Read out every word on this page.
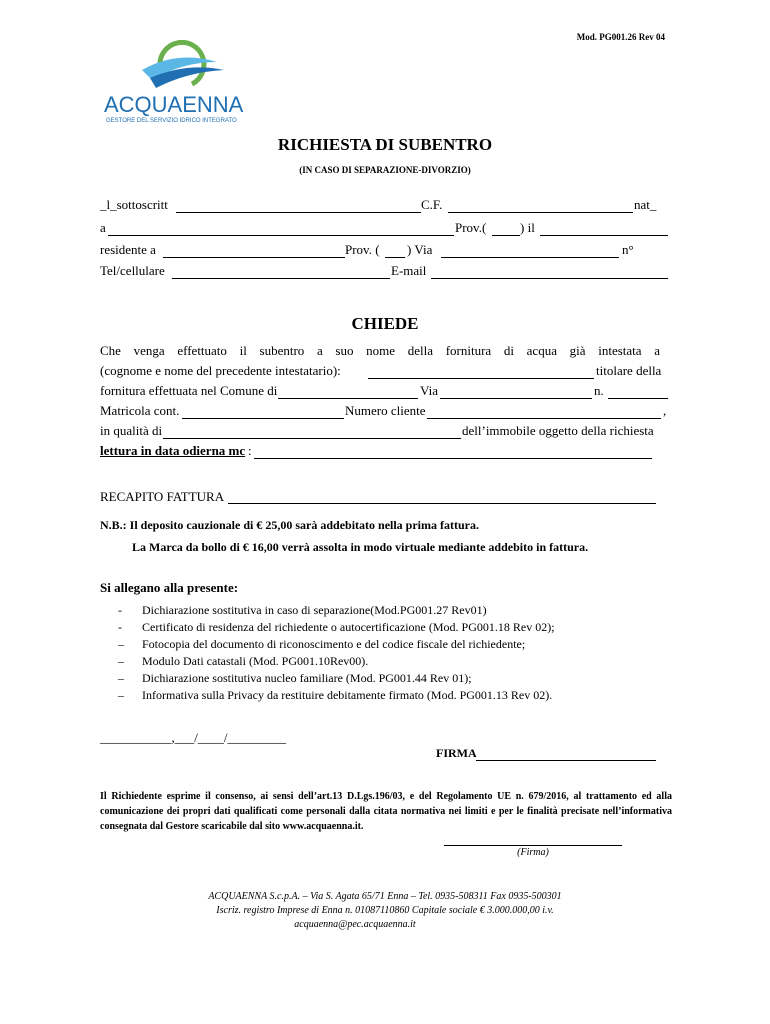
Mod. PG001.26 Rev 04
ACQUAENNA
GESTORE DEL SERVIZIO IDRICO INTEGRATO
RICHIESTA DI SUBENTRO
(IN CASO DI SEPARAZIONE-DIVORZIO)
_l_sottoscritt	C.F.	nat_
a	Prov.(	) il
residente a	Prov. ( ) Via	n°
Tel/cellulare	E-mail
CHIEDE
Che venga effettuato il subentro a suo nome della fornitura di acqua già intestata a
(cognome e nome del precedente intestatario):	titolare della
fornitura effettuata nel Comune di	Via	n.
Matricola cont.	Numero cliente	,
in qualità di	dell’immobile oggetto della richiesta
lettura in data odierna mc :
RECAPITO FATTURA
N.B.: Il deposito cauzionale di € 25,00 sarà addebitato nella prima fattura.
La Marca da bollo di € 16,00 verrà assolta in modo virtuale mediante addebito in fattura.
Si allegano alla presente:
- Dichiarazione sostitutiva in caso di separazione(Mod.PG001.27 Rev01)
- Certificato di residenza del richiedente o autocertificazione (Mod. PG001.18 Rev 02);
– Fotocopia del documento di riconoscimento e del codice fiscale del richiedente;
– Modulo Dati catastali (Mod. PG001.10Rev00).
– Dichiarazione sostitutiva nucleo familiare (Mod. PG001.44 Rev 01);
– Informativa sulla Privacy da restituire debitamente firmato (Mod. PG001.13 Rev 02).
___________,___/____/_________
FIRMA
Il Richiedente esprime il consenso, ai sensi dell’art.13 D.Lgs.196/03, e del Regolamento UE n. 679/2016, al trattamento ed alla comunicazione dei propri dati qualificati come personali dalla citata normativa nei limiti e per le finalità precisate nell’informativa consegnata dal Gestore scaricabile dal sito www.acquaenna.it.
(Firma)
ACQUAENNA S.c.p.A. – Via S. Agata 65/71 Enna – Tel. 0935-508311 Fax 0935-500301
Iscriz. registro Imprese di Enna n. 01087110860 Capitale sociale € 3.000.000,00 i.v.
acquaenna@pec.acquaenna.it
